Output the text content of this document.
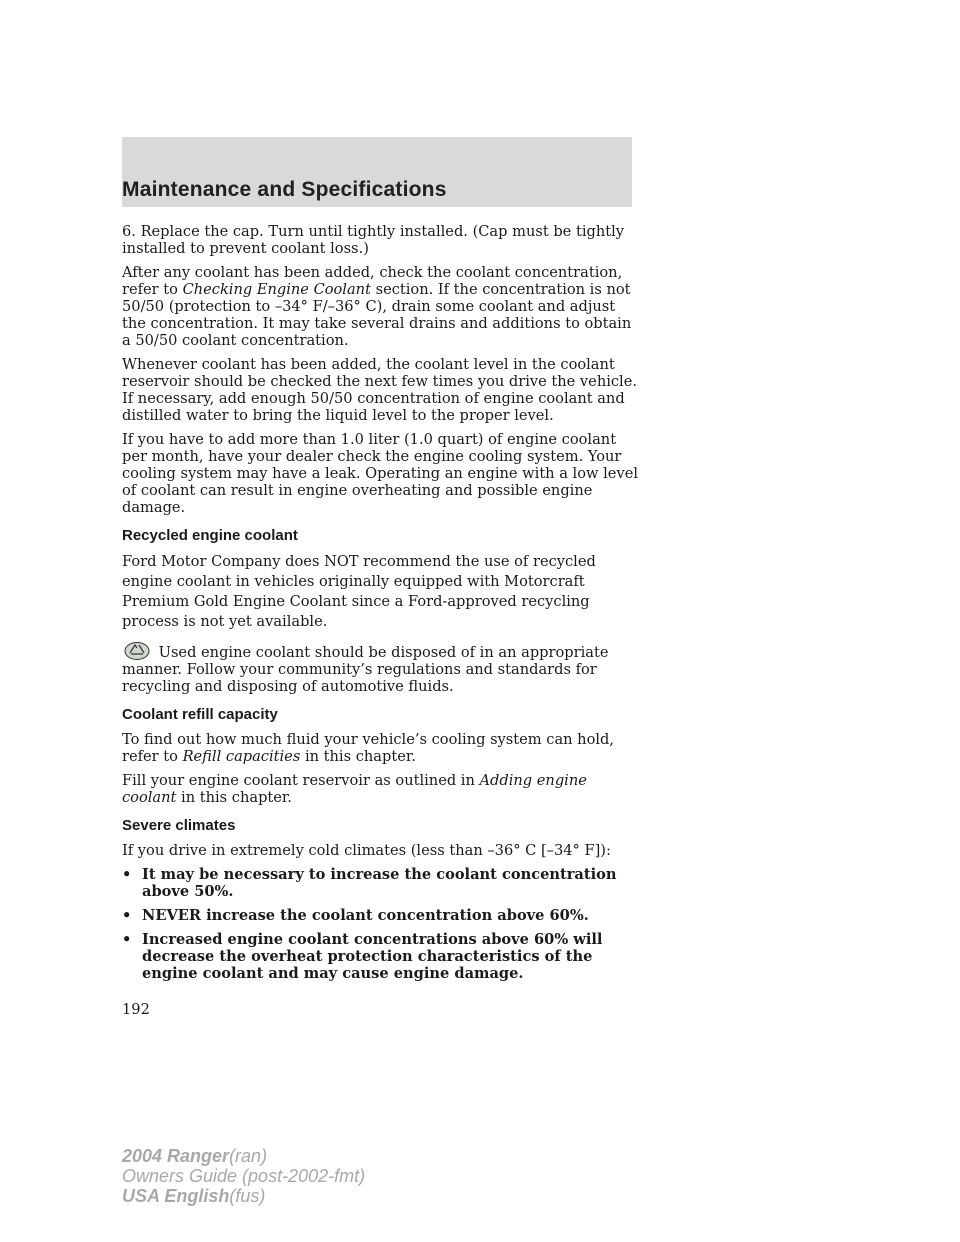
Maintenance and Specifications

6. Replace the cap. Turn until tightly installed. (Cap must be tightly installed to prevent coolant loss.)

After any coolant has been added, check the coolant concentration, refer to Checking Engine Coolant section. If the concentration is not 50/50 (protection to –34° F/–36° C), drain some coolant and adjust the concentration. It may take several drains and additions to obtain a 50/50 coolant concentration.

Whenever coolant has been added, the coolant level in the coolant reservoir should be checked the next few times you drive the vehicle. If necessary, add enough 50/50 concentration of engine coolant and distilled water to bring the liquid level to the proper level.

If you have to add more than 1.0 liter (1.0 quart) of engine coolant per month, have your dealer check the engine cooling system. Your cooling system may have a leak. Operating an engine with a low level of coolant can result in engine overheating and possible engine damage.

Recycled engine coolant

Ford Motor Company does NOT recommend the use of recycled engine coolant in vehicles originally equipped with Motorcraft Premium Gold Engine Coolant since a Ford-approved recycling process is not yet available.

Used engine coolant should be disposed of in an appropriate manner. Follow your community’s regulations and standards for recycling and disposing of automotive fluids.

Coolant refill capacity

To find out how much fluid your vehicle’s cooling system can hold, refer to Refill capacities in this chapter.

Fill your engine coolant reservoir as outlined in Adding engine coolant in this chapter.

Severe climates

If you drive in extremely cold climates (less than –36° C [–34° F]):

• It may be necessary to increase the coolant concentration above 50%.
• NEVER increase the coolant concentration above 60%.
• Increased engine coolant concentrations above 60% will decrease the overheat protection characteristics of the engine coolant and may cause engine damage.
192
2004 Ranger(ran)
Owners Guide (post-2002-fmt)
USA English(fus)
